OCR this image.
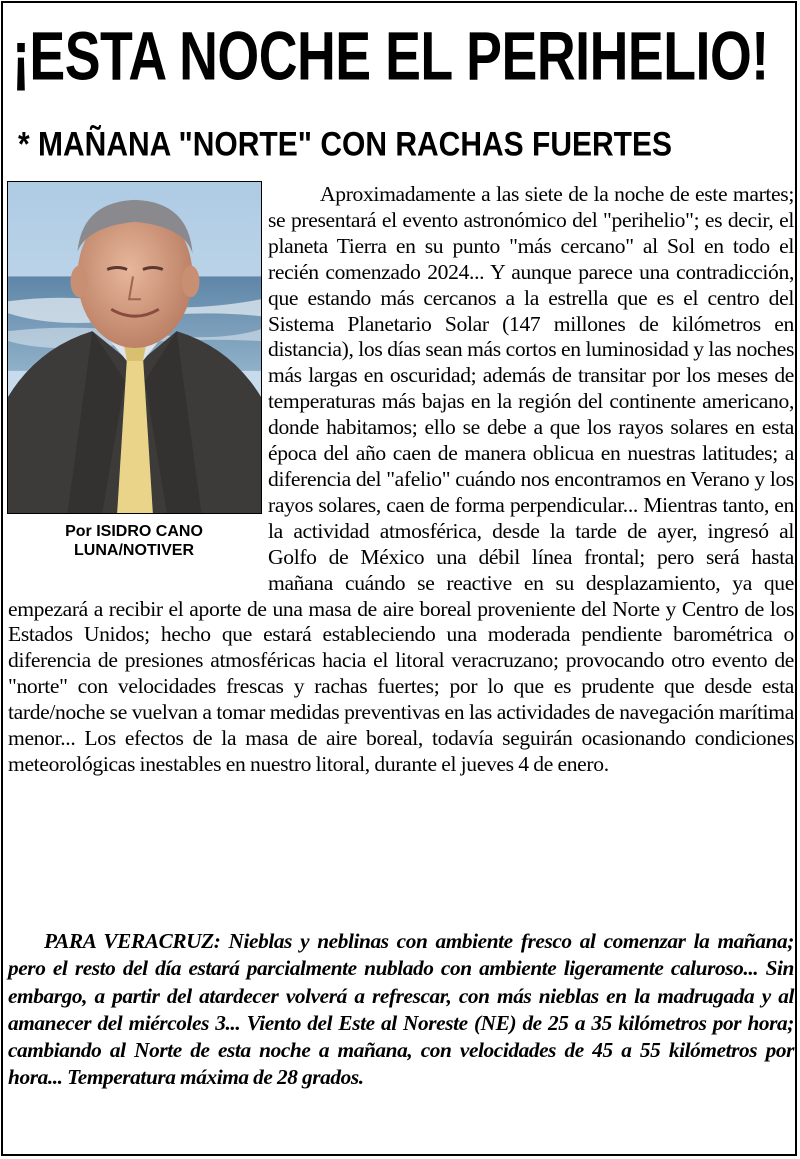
¡ESTA NOCHE EL PERIHELIO!
* MAÑANA "NORTE" CON RACHAS FUERTES
Por ISIDRO CANO
LUNA/NOTIVER

Aproximadamente a las siete de la noche de este martes; se presentará el evento astronómico del "perihelio"; es decir, el planeta Tierra en su punto "más cercano" al Sol en todo el recién comenzado 2024... Y aunque parece una contradicción, que estando más cercanos a la estrella que es el centro del Sistema Planetario Solar (147 millones de kilómetros en distancia), los días sean más cortos en luminosidad y las noches más largas en oscuridad; además de transitar por los meses de temperaturas más bajas en la región del continente americano, donde habitamos; ello se debe a que los rayos solares en esta época del año caen de manera oblicua en nuestras latitudes; a diferencia del "afelio" cuándo nos encontramos en Verano y los rayos solares, caen de forma perpendicular... Mientras tanto, en la actividad atmosférica, desde la tarde de ayer, ingresó al Golfo de México una débil línea frontal; pero será hasta mañana cuándo se reactive en su desplazamiento, ya que empezará a recibir el aporte de una masa de aire boreal proveniente del Norte y Centro de los Estados Unidos; hecho que estará estableciendo una moderada pendiente barométrica o diferencia de presiones atmosféricas hacia el litoral veracruzano; provocando otro evento de "norte" con velocidades frescas y rachas fuertes; por lo que es prudente que desde esta tarde/noche se vuelvan a tomar medidas preventivas en las actividades de navegación marítima menor... Los efectos de la masa de aire boreal, todavía seguirán ocasionando condiciones meteorológicas inestables en nuestro litoral, durante el jueves 4 de enero.

PARA VERACRUZ: Nieblas y neblinas con ambiente fresco al comenzar la mañana; pero el resto del día estará parcialmente nublado con ambiente ligeramente caluroso... Sin embargo, a partir del atardecer volverá a refrescar, con más nieblas en la madrugada y al amanecer del miércoles 3... Viento del Este al Noreste (NE) de 25 a 35 kilómetros por hora; cambiando al Norte de esta noche a mañana, con velocidades de 45 a 55 kilómetros por hora... Temperatura máxima de 28 grados.
